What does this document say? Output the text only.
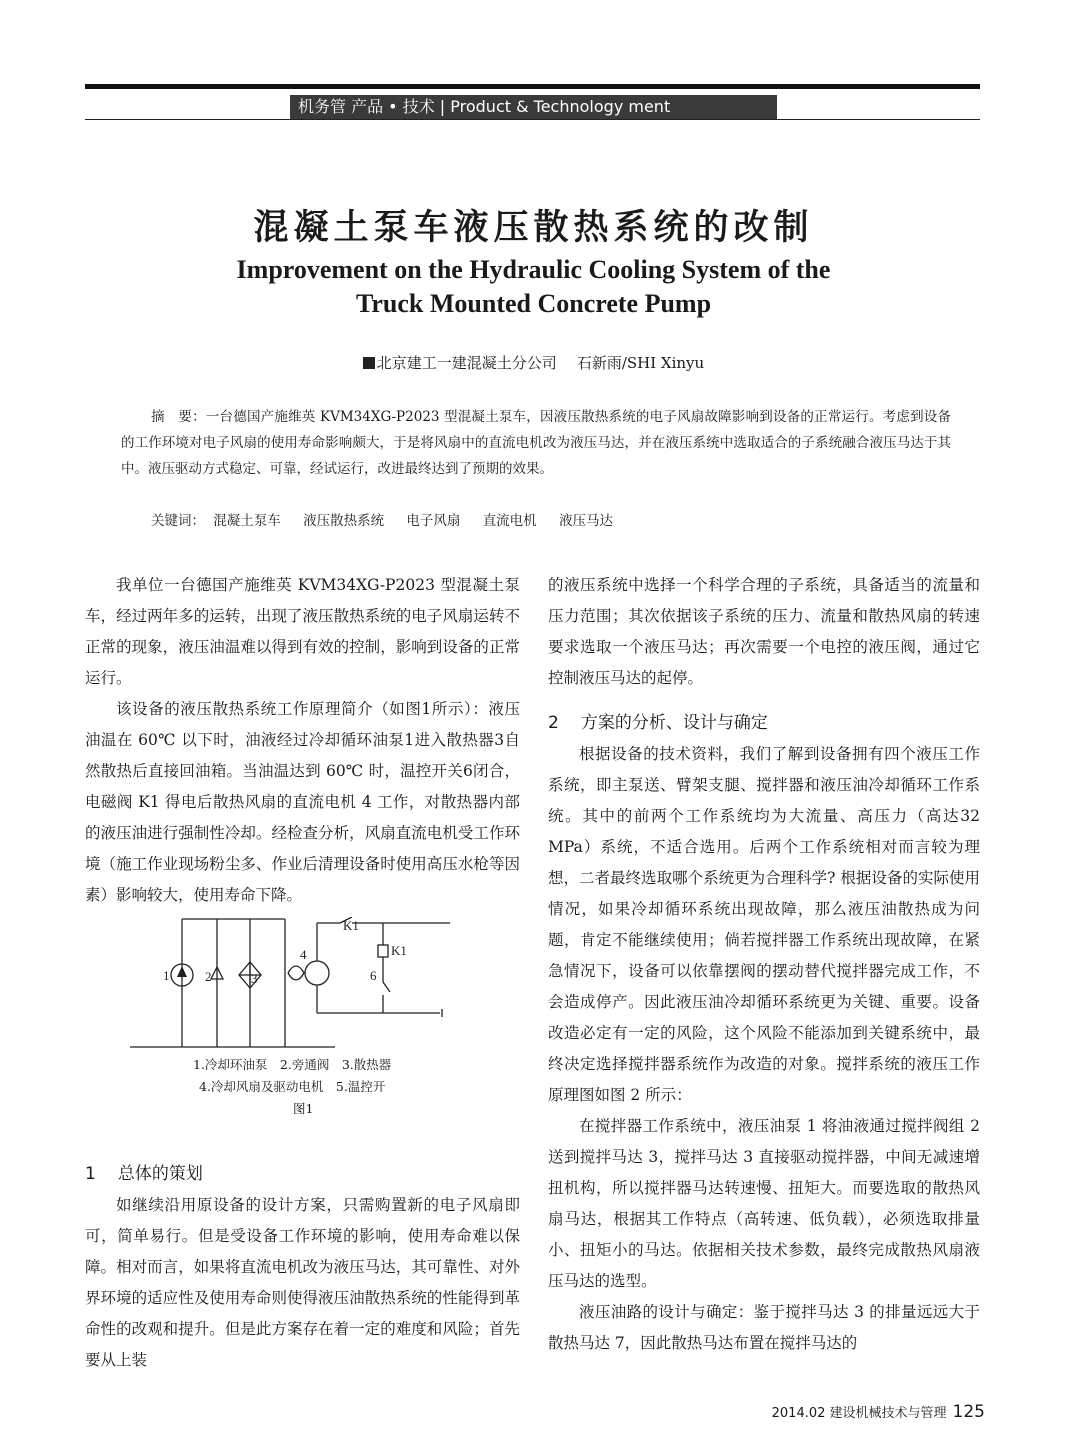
机务管 产品 • 技术 | Product & Technology ment
混凝土泵车液压散热系统的改制
Improvement on the Hydraulic Cooling System of the
Truck Mounted Concrete Pump
北京建工一建混凝土分公司 石新雨/SHI Xinyu
摘　要：一台德国产施维英 KVM34XG-P2023 型混凝土泵车，因液压散热系统的电子风扇故障影响到设备的正常运行。考虑到设备的工作环境对电子风扇的使用寿命影响颇大，于是将风扇中的直流电机改为液压马达，并在液压系统中选取适合的子系统融合液压马达于其中。液压驱动方式稳定、可靠，经试运行，改进最终达到了预期的效果。
关键词： 混凝土泵车 液压散热系统 电子风扇 直流电机 液压马达

我单位一台德国产施维英 KVM34XG-P2023 型混凝土泵车，经过两年多的运转，出现了液压散热系统的电子风扇运转不正常的现象，液压油温难以得到有效的控制，影响到设备的正常运行。

该设备的液压散热系统工作原理简介（如图1所示）：液压油温在 60℃ 以下时，油液经过冷却循环油泵1进入散热器3自然散热后直接回油箱。当油温达到 60℃ 时，温控开关6闭合，电磁阀 K1 得电后散热风扇的直流电机 4 工作，对散热器内部的液压油进行强制性冷却。经检查分析，风扇直流电机受工作环境（施工作业现场粉尘多、作业后清理设备时使用高压水枪等因素）影响较大，使用寿命下降。

1	2	3
4
6
K1
K1
1.冷却环油泵　2.旁通阀　3.散热器
4.冷却风扇及驱动电机　5.温控开
图1
1 总体的策划

如继续沿用原设备的设计方案，只需购置新的电子风扇即可，简单易行。但是受设备工作环境的影响，使用寿命难以保障。相对而言，如果将直流电机改为液压马达，其可靠性、对外界环境的适应性及使用寿命则使得液压油散热系统的性能得到革命性的改观和提升。但是此方案存在着一定的难度和风险；首先要从上装

的液压系统中选择一个科学合理的子系统，具备适当的流量和压力范围；其次依据该子系统的压力、流量和散热风扇的转速要求选取一个液压马达；再次需要一个电控的液压阀，通过它控制液压马达的起停。

2 方案的分析、设计与确定

根据设备的技术资料，我们了解到设备拥有四个液压工作系统，即主泵送、臂架支腿、搅拌器和液压油冷却循环工作系统。其中的前两个工作系统均为大流量、高压力（高达32 MPa）系统，不适合选用。后两个工作系统相对而言较为理想，二者最终选取哪个系统更为合理科学? 根据设备的实际使用情况，如果冷却循环系统出现故障，那么液压油散热成为问题，肯定不能继续使用；倘若搅拌器工作系统出现故障，在紧急情况下，设备可以依靠摆阀的摆动替代搅拌器完成工作，不会造成停产。因此液压油冷却循环系统更为关键、重要。设备改造必定有一定的风险，这个风险不能添加到关键系统中，最终决定选择搅拌器系统作为改造的对象。搅拌系统的液压工作原理图如图 2 所示：

在搅拌器工作系统中，液压油泵 1 将油液通过搅拌阀组 2 送到搅拌马达 3，搅拌马达 3 直接驱动搅拌器，中间无减速增扭机构，所以搅拌器马达转速慢、扭矩大。而要选取的散热风扇马达，根据其工作特点（高转速、低负载），必须选取排量小、扭矩小的马达。依据相关技术参数，最终完成散热风扇液压马达的选型。

液压油路的设计与确定：鉴于搅拌马达 3 的排量远远大于散热马达 7，因此散热马达布置在搅拌马达的

2014.02 建设机械技术与管理 125
